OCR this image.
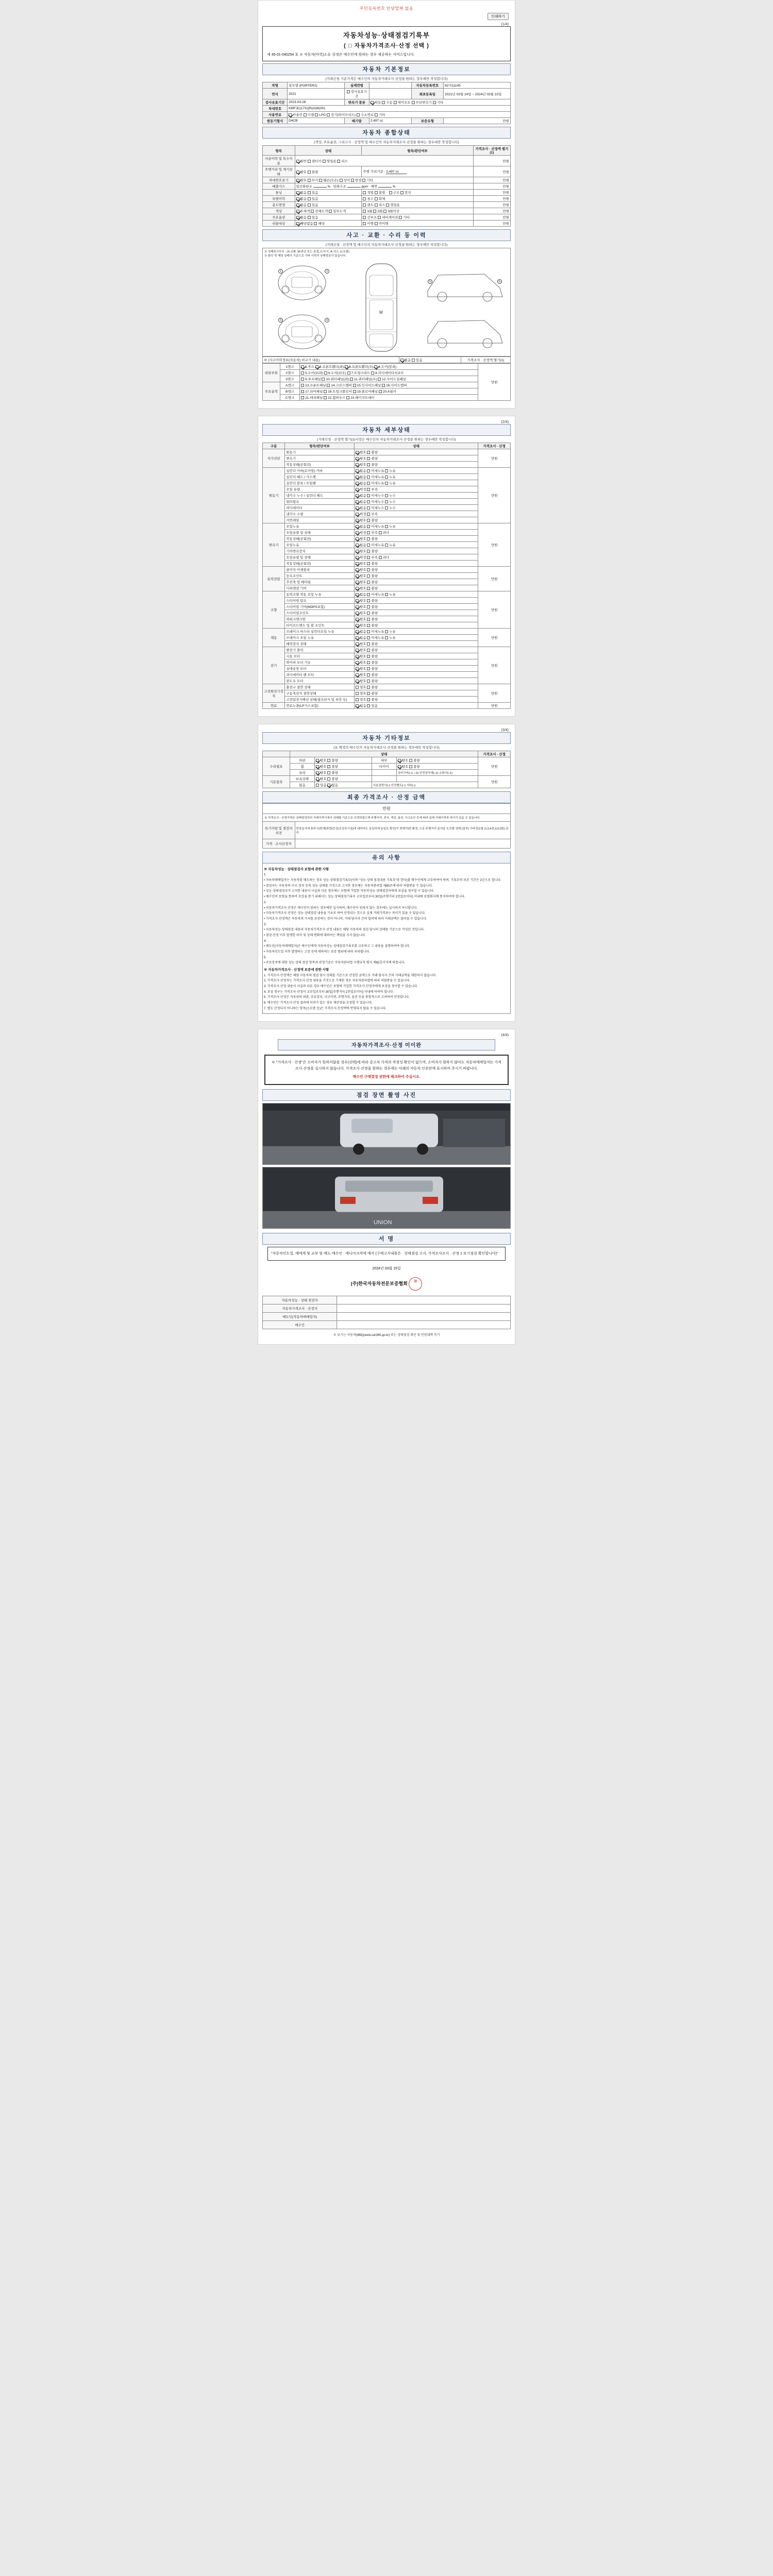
주민등록번호 안당말짜 없음
인쇄하기
(1/4)
자동차성능·상태점검기록부
( □ 자동차가격조사·산정 선택 )
제 45-01-040254 호 ※ 자동차(마력)소유·상정은 매수인에 원하는 경우 제공하는 서비스입니다.
자동차 기본정보
(거래신청 기준가격은 매수인의 자동차거래조사·산정을 원하는 경우에만 작성합니다)
차명	창모델 (PORTER2)	실제연령		자동차등록번호	82자11145
연식	2021	검사유효기간		최초등록일	2021년 03월 24일 ~ 2024년 03월 23일
검사유효기간	2023-03-28	변속기 종류	자동 수동 세미오토 무단변속기 기타		
차대번호	KMFJC(17X)(R(A)W(00)				
사용연료	가솔린 디젤 LPG 전기(하이브리드) 수소연료 기타				
원동기형식	D4CB	배기량	2,497 cc	보증유형	만원
자동차 종합상태
(색상, 주요옵션, 그리고시 · 산정액 및 매수인의 자동차거래조사·산정을 원하는 경우에만 작성합니다)
항목	상태	항목/판단여부	가격조사 · 산정액 별기(1)
사용이력 및 특수사용	일반 렌터카 영업용 리스		만원
주행거리 및 계기상태	양호 불량	주행 거리기준 : 2,497 cc	만원
차대번호표기	양호 부식 훼손(오손) 상이 변경 기타		만원
배출가스	일산화탄소 %   탄화수소 ppm   매연 %		만원
튜닝	없음 있음	적법 불법    구조 장치	만원
특별이력	없음 있음	침수 화재	만원
용도변경	없음 있음	렌트 리스 영업용	만원
색상	무채색 전체도색 일부도색	1面 2面 3面이상	만원
주요옵션	없음 있음	선루프 내비게이션 기타	만원
리콜대상	해당없음 해당	이행 미이행	만원
사고 · 교환 · 수리 등 이력
(거래신청 · 산정액 및 매수인의 자동차거래조사·산정을 원하는 경우에만 작성합니다)
※ 상태표시부호 : (X:교환, W:판금 또는 용접, C:부식, A:사고, U:요철)
※ 화인 및 해당 상태가 기준으로 기타 이력지 상태정보가 있습니다.
M
1	2
3	4
5	6
※ (사고이력정보(자동차) 비교기 내용)	없음 있음	가격조사 · 산정액 별기(1)
외판부위	1랭크	1.후드 2.프론트휀더(좌) 3.프론트휀더(우) 4.도어(앞좌)	만원
	2랭크	5.도어(뒤좌) 6.도어(뒤우) 7.트렁크리드 8.라디에이터서포트	
	3랭크	9.루프패널 10.쿼터패널(좌) 11.쿼터패널(우) 12.사이드실패널	
주요골격	A랭크	13.프론트패널 14.크로스멤버 15.인사이드패널 16.사이드멤버	
	B랭크	17.리어패널 18.트렁크플로어 19.플로어패널 20.A필러	
	C랭크	21.대쉬패널 22.휠하우스 23.패키지트레이	
(2/4)
자동차 세부상태
(거래신청 · 산정액 별기(1)사장은 매수인의 자동차거래조사·산정을 원하는 경우에만 작성합니다)
구분	항목/판단여부	상태	가격조사 · 산정
자가진단	원동기	양호 불량	만원
	변속기	양호 불량	
	작동상태(공회전)	양호 불량	
원동기	실린더 커버(로커암) 커버	없음 미세누유 누유	만원
	실린더 헤드 / 가스켓	없음 미세누유 누유	
	실린더 블록 / 오일팬	없음 미세누유 누유	
	오일 유량	적정 부족	
	냉각수 누수 / 실린더 헤드	없음 미세누수 누수	
	워터펌프	없음 미세누수 누수	
	라디에이터	없음 미세누수 누수	
	냉각수 수량	적정 부족	
	커먼레일	양호 불량	
변속기	오일누유	없음 미세누유 누유	만원
	오일유량 및 상태	적정 부족 과다	
	작동상태(공회전)	양호 불량	
	오일누유	없음 미세누유 누유	
	기어변속장치	양호 불량	
	오일유량 및 상태	적정 부족 과다	
	작동상태(공회전)	양호 불량	
동력전달	클러치 어셈블리	양호 불량	만원
	등속조인트	양호 불량	
	추진축 및 베어링	양호 불량	
	디퍼렌셜 기어	양호 불량	
조향	동력조향 작동 오일 누유	없음 미세누유 누유	만원
	스티어링 펌프	양호 불량	
	스티어링 기어(MDPS포함)	양호 불량	
	스티어링조인트	양호 불량	
	파워크랭크암	양호 불량	
	타이로드엔드 및 볼 조인트	양호 불량	
제동	브레이크 마스터 실린더오일 누유	없음 미세누유 누유	만원
	브레이크 오일 누유	없음 미세누유 누유	
	배력장치 상태	양호 불량	
전기	발전기 출력	양호 불량	만원
	시동 모터	양호 불량	
	와이퍼 모터 기능	양호 불량	
	실내송풍 모터	양호 불량	
	라디에이터 팬 모터	양호 불량	
	윈도우 모터	양호 불량	
고전원전기장치	충전구 절연 상태	양호 불량	만원
	구동축전지 절연상태	양호 불량	
	고전압전기배선 상태(접속단자 및 피복 등)	양호 불량	
연료	연료누출(LP가스포함)	없음 있음	만원
(3/4)
자동차 기타정보
(유 백색의 매수인의 자동차거래조사·산정을 원하는 경우에만 작성합니다)
	상태				가격조사 · 산정
수리필요	외판	양호 불량	내부	양호 불량	만원
	휠	양호 불량	타이어	양호 불량	
	유리	양호 불량		상비구비(□1, □2) 안전삼각대(□1) 소화기(□1)	
기본품목	보유상태	양호 불량			만원
	없음	있음 없음	사용설명서(□) 안전밸트(□) 기타(□)		
최종 가격조사 · 산정 금액
만원	
※ 가격조사 · 산정가격은 상태점검자의 거래가격기에서 상태를 기준으로 산정하였으며 주행거리, 연식, 색상, 옵션, 사고유무 등에 따라 실제 거래가격과 차이가 있을 수 있습니다.	
특기사항 및 점검자의견	현장실사에 통하시(현재)차량(증강(조감포시점)에 대하여도 동일하게 동일로 확인(이 현재가)만 환경, 도로 주행거리 분석을 도로별 상태 (일부) 기타정보를 (1,0,4천,0,0,0원) 관리
가격 · 조사산정자	
유의 사항
※ 자동차성능 · 상태점검자 보험에 관한 사항

1.

• 자동차매매업자는 자동차를 매도하는 경우 성능·상태점검기록부(이하 "성능·상태 점검내용 기록부"라 한다)를 매수인에게 교부하여야 하며, 기록부의 보존 기간은 2년으로 합니다.

• 점검자는 자동차의 구조·장치 등의 성능·상태를 거짓으로 고지한 경우에는 자동차관리법 제80조에 따라 처벌받을 수 있습니다.

• 성능·상태점검자가 고지한 내용이 사실과 다른 경우에는 보험에 가입한 자동차성능·상태점검자에게 보상을 청구할 수 있습니다.

• 매수인이 보험을 통하여 보상을 받기 위해서는 성능·상태점검기록부 교부일로부터 30일(주행거리 2천킬로미터) 이내에 보험회사에 통지하여야 합니다.

2.

• 자동차가격조사·산정은 매수인이 원하는 경우에만 실시하며, 매수인이 원하지 않는 경우에는 실시하지 아니합니다.

• 자동차가격조사·산정은 성능·상태점검 내용을 기초로 하여 산정되는 것으로 실제 거래가격과는 차이가 있을 수 있습니다.

• 가격조사·산정액은 자동차의 가치를 보증하는 것이 아니며, 거래 당사자 간의 합의에 따라 거래금액은 달라질 수 있습니다.

3.

• 자동차성능·상태점검 내용과 자동차가격조사·산정 내용은 해당 자동차의 점검 당시의 상태를 기준으로 작성된 것입니다.

• 점검·산정 이후 발생한 하자 및 상태 변화에 대하여는 책임을 지지 않습니다.

4.

• 매도인(자동차매매업자)은 매수인에게 자동차성능·상태점검기록부를 교부하고 그 내용을 설명하여야 합니다.

• 자동차인도일 이후 발생하는 고장 등에 대하여는 보증 범위에 따라 처리됩니다.

5.

• 주요장치에 대한 성능·상태 점검 항목과 판정기준은 자동차관리법 시행규칙 별지 제82호서식에 따릅니다.

※ 자동차가격조사 · 산정액 보증에 관한 사항

1. 가격조사·산정액은 해당 자동차의 점검 당시 상태를 기준으로 산정한 금액으로 거래 당사자 간의 거래금액을 제한하지 않습니다.

2. 가격조사·산정자는 가격조사·산정 내용을 거짓으로 기재한 경우 자동차관리법에 따라 처벌받을 수 있습니다.

3. 가격조사·산정 내용이 사실과 다른 경우 매수인은 보험에 가입한 가격조사·산정자에게 보상을 청구할 수 있습니다.

4. 보상 청구는 가격조사·산정서 교부일로부터 30일(주행거리 2천킬로미터) 이내에 하여야 합니다.

5. 가격조사·산정은 자동차의 외관, 주요장치, 사고이력, 주행거리, 옵션 등을 종합적으로 고려하여 산정합니다.

6. 매수인은 가격조사·산정 결과에 이의가 있는 경우 재산정을 요청할 수 있습니다.

7. 별도 산정되지 아니하는 항목(소모품 등)은 가격조사·산정액에 반영되지 않을 수 있습니다.

(4/4)
자동차가격조사·산정 미이완
※ "가격조사 · 산정"은 소비자가 원하지않을 경우(선택)에 따라 중고차 가격의 적정성 확인이 없으며, 소비자가 원하지 않아도 자동차매매업자는 가격조사·산정을 실시하지 않습니다. 가격조사·산정을 원하는 경우에는 아래의 자동차 인증란에 표시하여 주시기 바랍니다.
매수인 구매결정 권한에 체크하여 주십시오.
점검 장면 촬영 사진
UNION
서 명
"자동차인도일, 매매계 및 교부 및 매도·매수인 · 매니아크작에 매각 (구매고지내용은 · 상태점검 고지, 가격조사조사 · 산정 1 보기점검 확인합니다)"
2024년 03월 15일
(주)한국자동차전문보증협회 印
자동차성능 · 상태 점검자	
자동차가격조사 · 산정자	
매도인(자동차매매업자)	
매수인	
※ 보기는 자동차(868)(www.car365.go.kr) 또는 상태점검 확인 및 민원대책 작기
